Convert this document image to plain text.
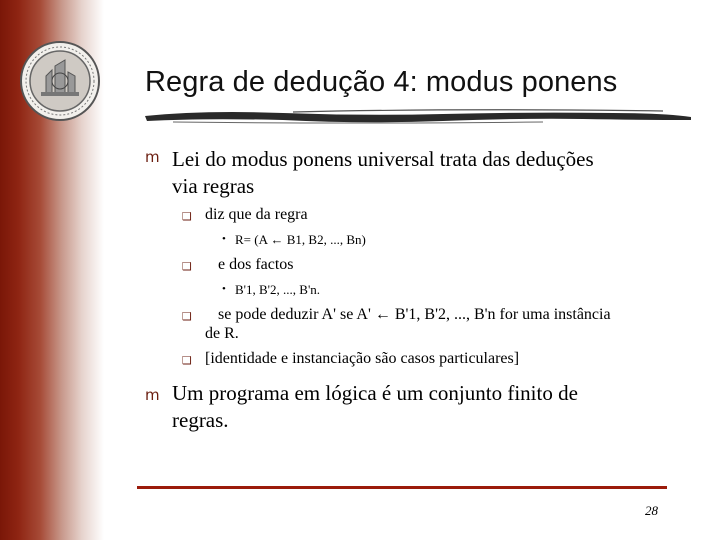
Regra de dedução 4: modus ponens
m Lei do modus ponens universal trata das deduções
via regras
❑ diz que da regra
• R= (A ← B1, B2, ..., Bn)
❑ e dos factos
• B'1, B'2, ..., B'n.
❑ se pode deduzir A' se A' ← B'1, B'2, ..., B'n for uma instância
de R.
❑ [identidade e instanciação são casos particulares]
m Um programa em lógica é um conjunto finito de
regras.
28
